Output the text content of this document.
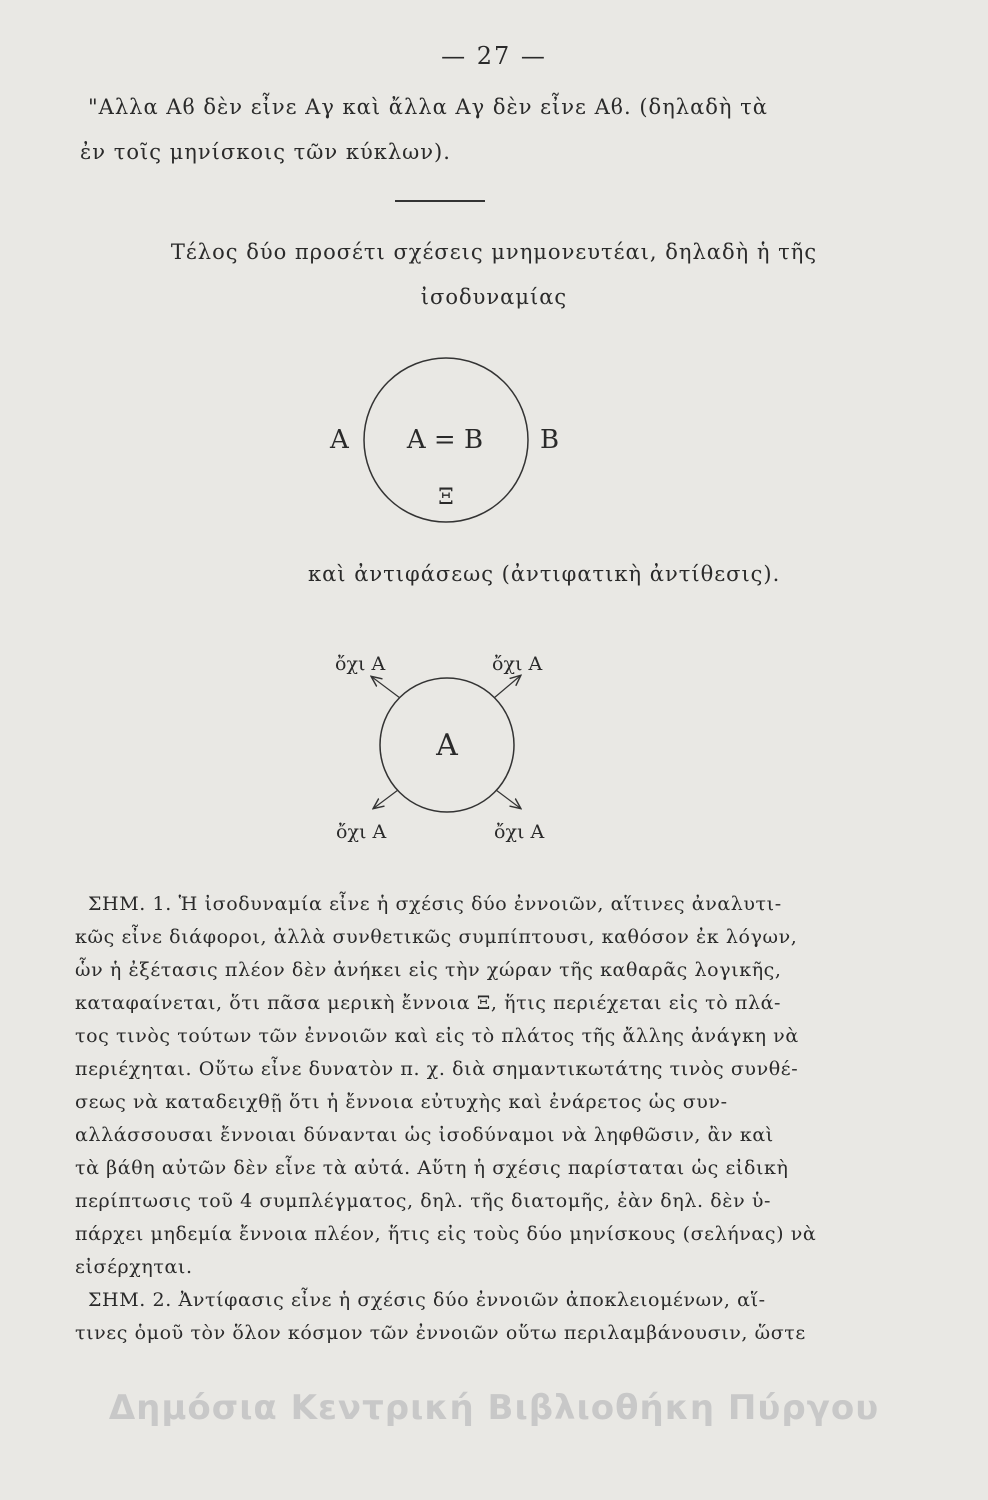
— 27 —
"Αλλα Αϐ δὲν εἶνε Αγ καὶ ἄλλα Αγ δὲν εἶνε Αϐ. (δηλαδὴ τὰ
ἐν τοῖς μηνίσκοις τῶν κύκλων).
Τέλος δύο προσέτι σχέσεις μνημονευτέαι, δηλαδὴ ἡ τῆς
ἰσοδυναμίας
Α Α = Β Β
Ξ
καὶ ἀντιφάσεως (ἀντιφατικὴ ἀντίθεσις).
Α
ὄχι Α	ὄχι Α
ὄχι Α	ὄχι Α
ΣΗΜ. 1. Ἡ ἰσοδυναμία εἶνε ἡ σχέσις δύο ἐννοιῶν, αἵτινες ἀναλυτι-
κῶς εἶνε διάφοροι, ἀλλὰ συνθετικῶς συμπίπτουσι, καθόσον ἐκ λόγων,
ὧν ἡ ἐξέτασις πλέον δὲν ἀνήκει εἰς τὴν χώραν τῆς καθαρᾶς λογικῆς,
καταφαίνεται, ὅτι πᾶσα μερικὴ ἔννοια Ξ, ἥτις περιέχεται εἰς τὸ πλά-
τος τινὸς τούτων τῶν ἐννοιῶν καὶ εἰς τὸ πλάτος τῆς ἄλλης ἀνάγκη νὰ
περιέχηται. Οὕτω εἶνε δυνατὸν π. χ. διὰ σημαντικωτάτης τινὸς συνθέ-
σεως νὰ καταδειχθῇ ὅτι ἡ ἔννοια εὐτυχὴς καὶ ἐνάρετος ὡς συν-
αλλάσσουσαι ἔννοιαι δύνανται ὡς ἰσοδύναμοι νὰ ληφθῶσιν, ἂν καὶ
τὰ βάθη αὐτῶν δὲν εἶνε τὰ αὐτά. Αὕτη ἡ σχέσις παρίσταται ὡς εἰδικὴ
περίπτωσις τοῦ 4 συμπλέγματος, δηλ. τῆς διατομῆς, ἐὰν δηλ. δὲν ὑ-
πάρχει μηδεμία ἔννοια πλέον, ἥτις εἰς τοὺς δύο μηνίσκους (σελήνας) νὰ
εἰσέρχηται.
ΣΗΜ. 2. Ἀντίφασις εἶνε ἡ σχέσις δύο ἐννοιῶν ἀποκλειομένων, αἵ-
τινες ὁμοῦ τὸν ὅλον κόσμον τῶν ἐννοιῶν οὕτω περιλαμβάνουσιν, ὥστε
Δημόσια Κεντρική Βιβλιοθήκη Πύργου
